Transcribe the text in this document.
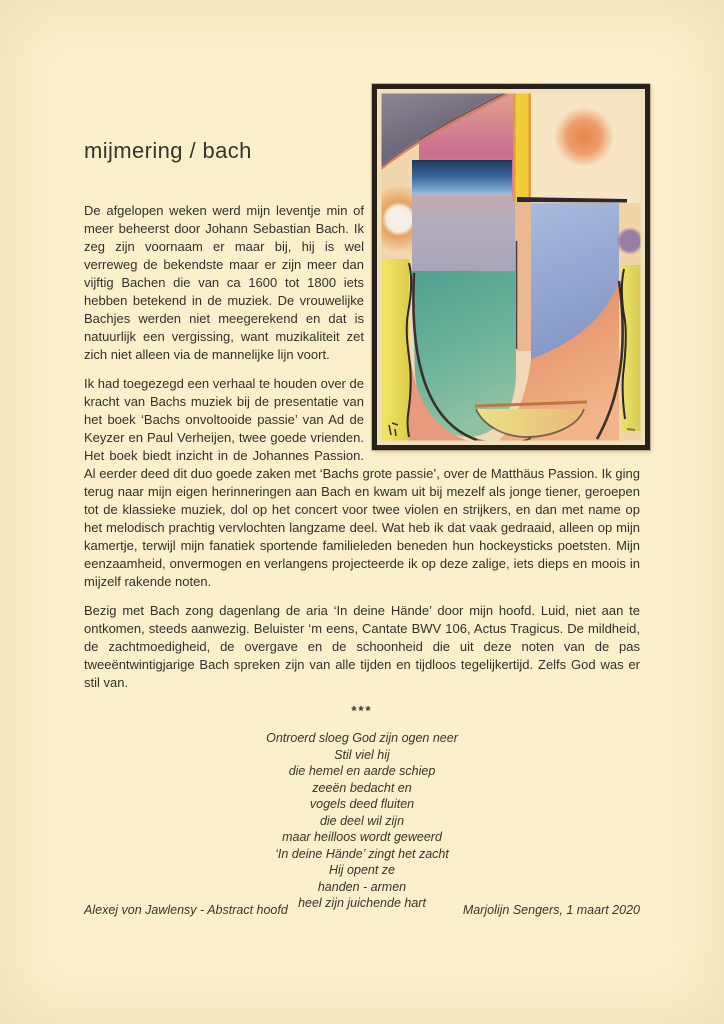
mijmering / bach

De afgelopen weken werd mijn leventje min of meer beheerst door Johann Sebastian Bach. Ik zeg zijn voornaam er maar bij, hij is wel verreweg de bekendste maar er zijn meer dan vijftig Bachen die van ca 1600 tot 1800 iets hebben betekend in de muziek. De vrouwelijke Bachjes werden niet meegerekend en dat is natuurlijk een vergissing, want muzikaliteit zet zich niet alleen via de mannelijke lijn voort.

Ik had toegezegd een verhaal te houden over de kracht van Bachs muziek bij de presentatie van het boek ‘Bachs onvoltooide passie’ van Ad de Keyzer en Paul Verheijen, twee goede vrienden. Het boek biedt inzicht in de Johannes Passion. Al eerder deed dit duo goede zaken met ‘Bachs grote passie’, over de Matthäus Passion. Ik ging terug naar mijn eigen herinneringen aan Bach en kwam uit bij mezelf als jonge tiener, geroepen tot de klassieke muziek, dol op het concert voor twee violen en strijkers, en dan met name op het melodisch prachtig vervlochten langzame deel. Wat heb ik dat vaak gedraaid, alleen op mijn kamertje, terwijl mijn fanatiek sportende familieleden beneden hun hockeysticks poetsten. Mijn eenzaamheid, onvermogen en verlangens projecteerde ik op deze zalige, iets dieps en moois in mijzelf rakende noten.

Bezig met Bach zong dagenlang de aria ‘In deine Hände’ door mijn hoofd. Luid, niet aan te ontkomen, steeds aanwezig. Beluister ‘m eens, Cantate BWV 106, Actus Tragicus. De mildheid, de zachtmoedigheid, de overgave en de schoonheid die uit deze noten van de pas tweeëntwintigjarige Bach spreken zijn van alle tijden en tijdloos tegelijkertijd. Zelfs God was er stil van.

***
Ontroerd sloeg God zijn ogen neer
Stil viel hij
die hemel en aarde schiep
zeeën bedacht en
vogels deed fluiten
die deel wil zijn
maar heilloos wordt geweerd
‘In deine Hände’ zingt het zacht
Hij opent ze
handen - armen
heel zijn juichende hart
Alexej von Jawlensy - Abstract hoofd	Marjolijn Sengers, 1 maart 2020
